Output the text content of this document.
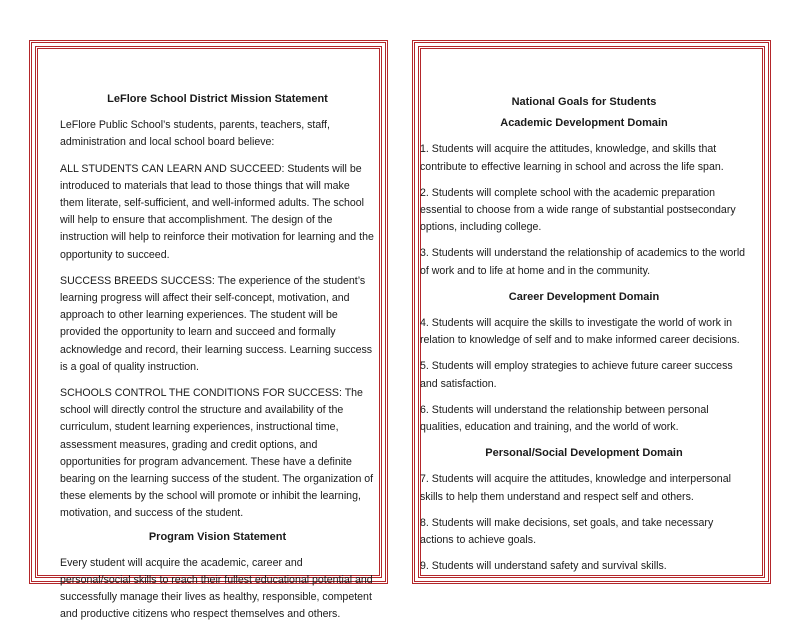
LeFlore School District Mission Statement

LeFlore Public School’s students, parents, teachers, staff, administration and local school board believe:

ALL STUDENTS CAN LEARN AND SUCCEED: Students will be introduced to materials that lead to those things that will make them literate, self-sufficient, and well-informed adults. The school will help to ensure that accomplishment. The design of the instruction will help to reinforce their motivation for learning and the opportunity to succeed.

SUCCESS BREEDS SUCCESS: The experience of the student’s learning progress will affect their self-concept, motivation, and approach to other learning experiences. The student will be provided the opportunity to learn and succeed and formally acknowledge and record, their learning success. Learning success is a goal of quality instruction.

SCHOOLS CONTROL THE CONDITIONS FOR SUCCESS: The school will directly control the structure and availability of the curriculum, student learning experiences, instructional time, assessment measures, grading and credit options, and opportunities for program advancement. These have a definite bearing on the learning success of the student. The organization of these elements by the school will promote or inhibit the learning, motivation, and success of the student.

Program Vision Statement

Every student will acquire the academic, career and personal/social skills to reach their fullest educational potential and successfully manage their lives as healthy, responsible, competent and productive citizens who respect themselves and others.

National Goals for Students

Academic Development Domain

1. Students will acquire the attitudes, knowledge, and skills that contribute to effective learning in school and across the life span.

2. Students will complete school with the academic preparation essential to choose from a wide range of substantial postsecondary options, including college.

3. Students will understand the relationship of academics to the world of work and to life at home and in the community.

Career Development Domain

4. Students will acquire the skills to investigate the world of work in relation to knowledge of self and to make informed career decisions.

5. Students will employ strategies to achieve future career success and satisfaction.

6. Students will understand the relationship between personal qualities, education and training, and the world of work.

Personal/Social Development Domain

7. Students will acquire the attitudes, knowledge and interpersonal skills to help them understand and respect self and others.

8. Students will make decisions, set goals, and take necessary actions to achieve goals.

9. Students will understand safety and survival skills.
